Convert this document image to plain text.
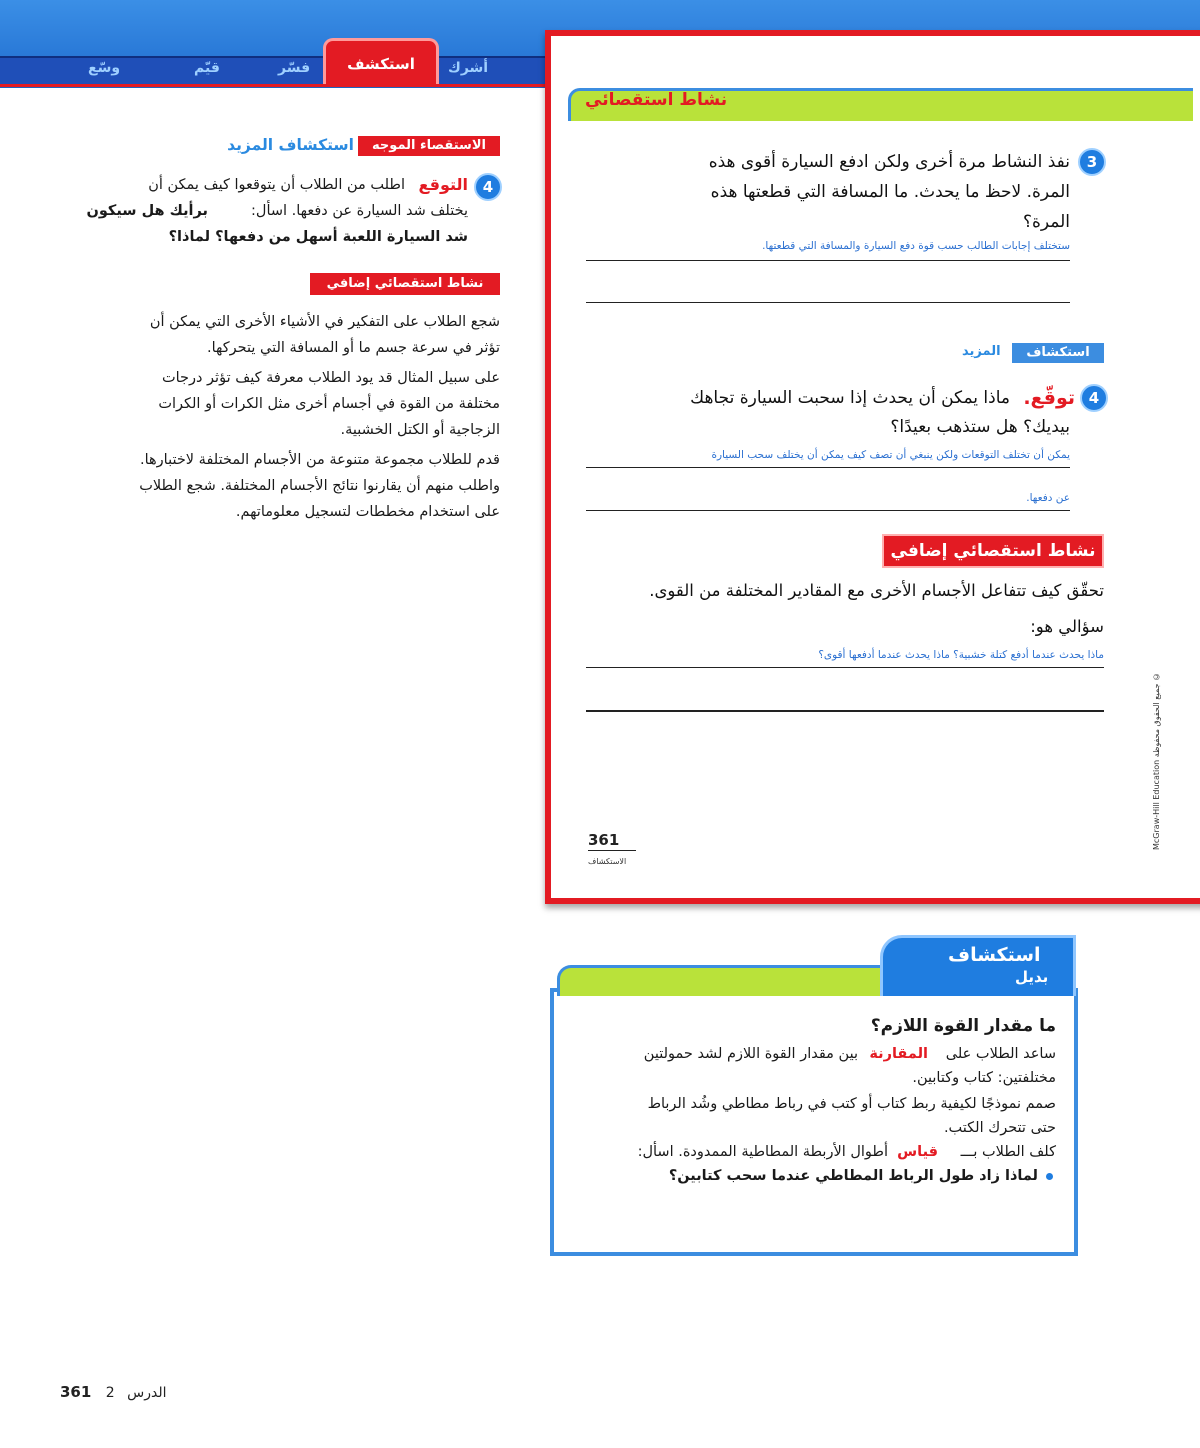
أشرك
استكشف
فسّر
قيّم
وسّع
نشاط استقصائي
3
نفذ النشاط مرة أخرى ولكن ادفع السيارة أقوى هذه
المرة. لاحظ ما يحدث. ما المسافة التي قطعتها هذه
المرة؟
ستختلف إجابات الطالب حسب قوة دفع السيارة والمسافة التي قطعتها.
استكشاف
المزيد
4
توقّع.
ماذا يمكن أن يحدث إذا سحبت السيارة تجاهك
بيديك؟ هل ستذهب بعيدًا؟
يمكن أن تختلف التوقعات ولكن ينبغي أن تصف كيف يمكن أن يختلف سحب السيارة
عن دفعها.
نشاط استقصائي إضافي
تحقّق كيف تتفاعل الأجسام الأخرى مع المقادير المختلفة من القوى.
سؤالي هو:
ماذا يحدث عندما أدفع كتلة خشبية؟ ماذا يحدث عندما أدفعها أقوى؟
McGraw-Hill Education جميع الحقوق محفوظة ©
361
الاستكشاف
الاستقصاء الموجه
استكشاف المزيد
4
التوقع
اطلب من الطلاب أن يتوقعوا كيف يمكن أن
يختلف شد السيارة عن دفعها. اسأل:
برأيك هل سيكون
شد السيارة اللعبة أسهل من دفعها؟ لماذا؟
نشاط استقصائي إضافي
شجع الطلاب على التفكير في الأشياء الأخرى التي يمكن أن
تؤثر في سرعة جسم ما أو المسافة التي يتحركها.
على سبيل المثال قد يود الطلاب معرفة كيف تؤثر درجات
مختلفة من القوة في أجسام أخرى مثل الكرات أو الكرات
الزجاجية أو الكتل الخشبية.
قدم للطلاب مجموعة متنوعة من الأجسام المختلفة لاختبارها.
واطلب منهم أن يقارنوا نتائج الأجسام المختلفة. شجع الطلاب
على استخدام مخططات لتسجيل معلوماتهم.
استكشاف
بديل
ما مقدار القوة اللازم؟
ساعد الطلاب على
المقارنة
بين مقدار القوة اللازم لشد حمولتين
مختلفتين: كتاب وكتابين.
صمم نموذجًا لكيفية ربط كتاب أو كتب في رباط مطاطي وشُد الرباط
حتى تتحرك الكتب.
كلف الطلاب بـــ
قياس
أطوال الأربطة المطاطية الممدودة. اسأل:
لماذا زاد طول الرباط المطاطي عندما سحب كتابين؟
361 2 الدرس
